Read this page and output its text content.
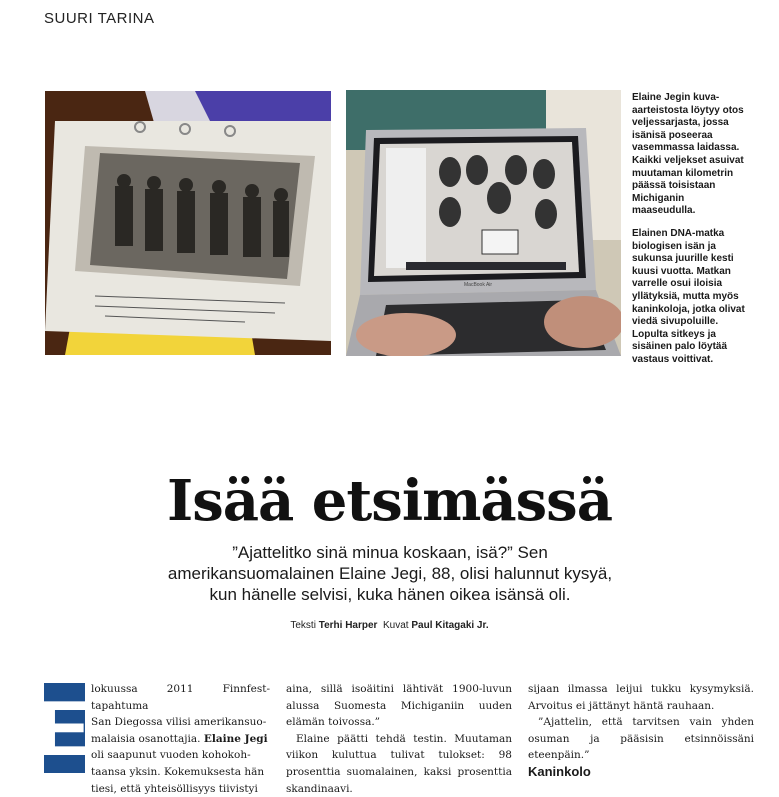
SUURI TARINA
MacBook Air
Elaine Jegin kuva-aarteistosta löytyy otos veljessarjasta, jossa isänisä poseeraa vasemmassa laidassa. Kaikki veljekset asuivat muutaman kilometrin päässä toisistaan Michiganin maaseudulla.
Elainen DNA-matka biologisen isän ja sukunsa juurille kesti kuusi vuotta. Matkan varrelle osui iloisia yllätyksiä, mutta myös kaninkoloja, jotka olivat viedä sivupoluille. Lopulta sitkeys ja sisäinen palo löytää vastaus voittivat.
Isää etsimässä
”Ajattelitko sinä minua koskaan, isä?” Sen amerikansuomalainen Elaine Jegi, 88, olisi halunnut kysyä, kun hänelle selvisi, kuka hänen oikea isänsä oli.
Teksti Terhi Harper Kuvat Paul Kitagaki Jr.
E lokuussa 2011 Finnfest-tapahtuma
San Diegossa vilisi amerikansuo-
malaisia osanottajia. Elaine Jegi
oli saapunut vuoden kohokoh-
taansa yksin. Kokemuksesta hän
tiesi, että yhteisöllisyys tiivistyi

aina, sillä isoäitini lähtivät 1900-luvun alussa Suomesta Michiganiin uuden elämän toivossa.”

Elaine päätti tehdä testin. Muutaman viikon kuluttua tulivat tulokset: 98 prosenttia suomalainen, kaksi prosenttia skandinaavi.

sijaan ilmassa leijui tukku kysymyksiä. Arvoitus ei jättänyt häntä rauhaan.

”Ajattelin, että tarvitsen vain yhden osuman ja pääsisin etsinnöissäni eteenpäin.”

Kaninkolo
